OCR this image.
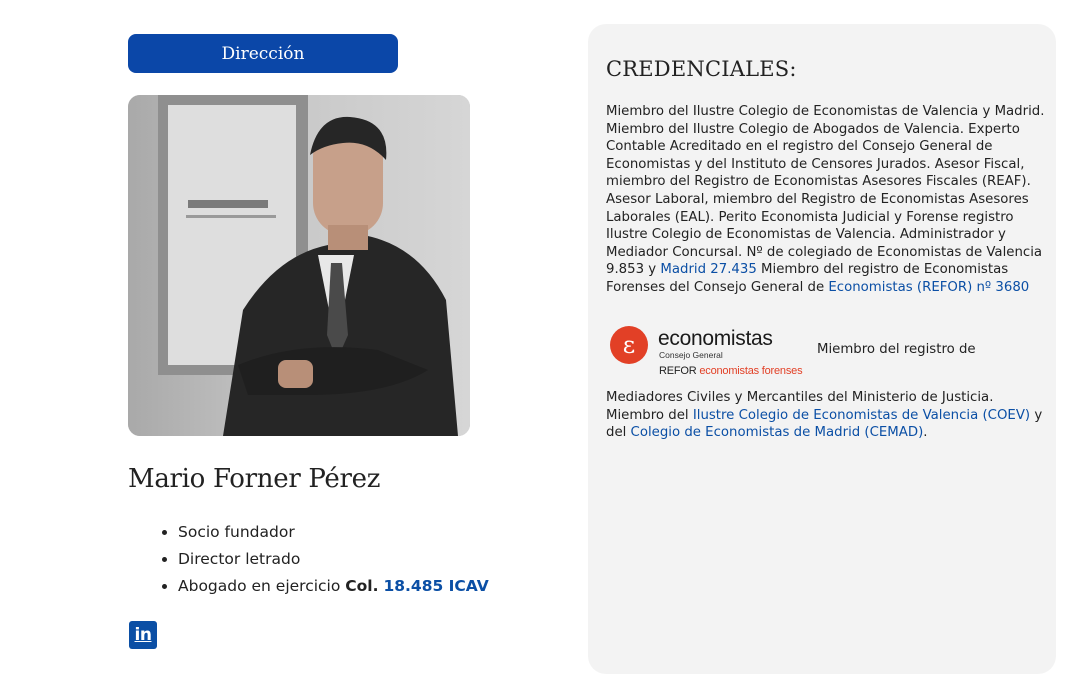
Dirección
Mario Forner Pérez
• Socio fundador
• Director letrado
• Abogado en ejercicio Col. 18.485 ICAV
in
CREDENCIALES:

Miembro del Ilustre Colegio de Economistas de Valencia y Madrid. Miembro del Ilustre Colegio de Abogados de Valencia. Experto Contable Acreditado en el registro del Consejo General de Economistas y del Instituto de Censores Jurados. Asesor Fiscal, miembro del Registro de Economistas Asesores Fiscales (REAF). Asesor Laboral, miembro del Registro de Economistas Asesores Laborales (EAL). Perito Economista Judicial y Forense registro Ilustre Colegio de Economistas de Valencia. Administrador y Mediador Concursal. Nº de colegiado de Economistas de Valencia 9.853 y Madrid 27.435 Miembro del registro de Economistas Forenses del Consejo General de Economistas (REFOR) nº 3680

ɛ	economistas
Consejo General
REFOR economistas forenses
Miembro del registro de

Mediadores Civiles y Mercantiles del Ministerio de Justicia. Miembro del Ilustre Colegio de Economistas de Valencia (COEV) y del Colegio de Economistas de Madrid (CEMAD).
